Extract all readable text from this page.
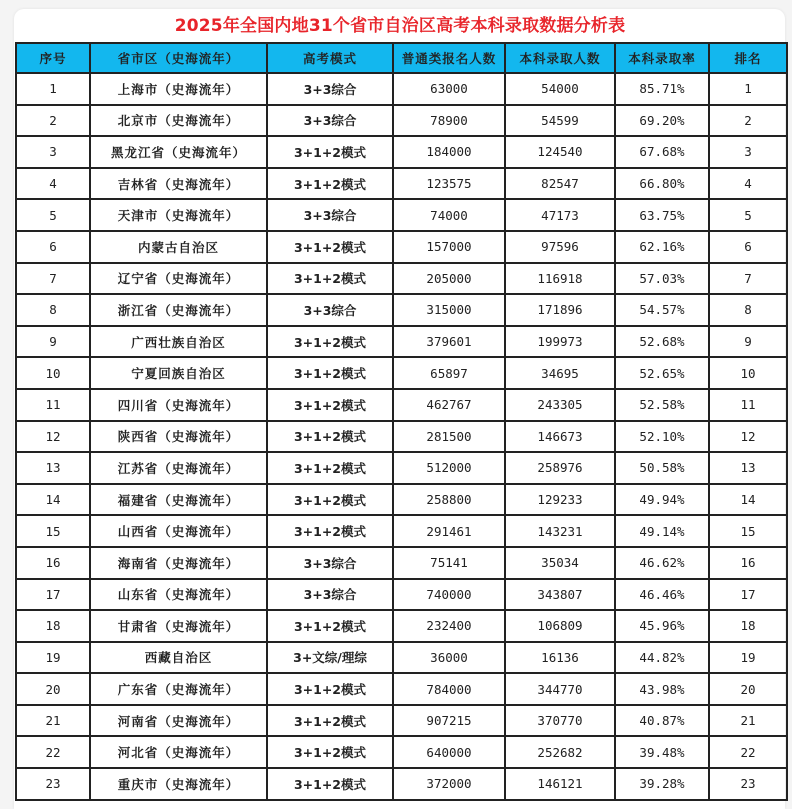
2025年全国内地31个省市自治区高考本科录取数据分析表
序号	省市区（史海流年）	高考模式	普通类报名人数	本科录取人数	本科录取率	排名
1	上海市（史海流年）	3+3综合	63000	54000	85.71%	1
2	北京市（史海流年）	3+3综合	78900	54599	69.20%	2
3	黑龙江省（史海流年）	3+1+2模式	184000	124540	67.68%	3
4	吉林省（史海流年）	3+1+2模式	123575	82547	66.80%	4
5	天津市（史海流年）	3+3综合	74000	47173	63.75%	5
6	内蒙古自治区	3+1+2模式	157000	97596	62.16%	6
7	辽宁省（史海流年）	3+1+2模式	205000	116918	57.03%	7
8	浙江省（史海流年）	3+3综合	315000	171896	54.57%	8
9	广西壮族自治区	3+1+2模式	379601	199973	52.68%	9
10	宁夏回族自治区	3+1+2模式	65897	34695	52.65%	10
11	四川省（史海流年）	3+1+2模式	462767	243305	52.58%	11
12	陕西省（史海流年）	3+1+2模式	281500	146673	52.10%	12
13	江苏省（史海流年）	3+1+2模式	512000	258976	50.58%	13
14	福建省（史海流年）	3+1+2模式	258800	129233	49.94%	14
15	山西省（史海流年）	3+1+2模式	291461	143231	49.14%	15
16	海南省（史海流年）	3+3综合	75141	35034	46.62%	16
17	山东省（史海流年）	3+3综合	740000	343807	46.46%	17
18	甘肃省（史海流年）	3+1+2模式	232400	106809	45.96%	18
19	西藏自治区	3+文综/理综	36000	16136	44.82%	19
20	广东省（史海流年）	3+1+2模式	784000	344770	43.98%	20
21	河南省（史海流年）	3+1+2模式	907215	370770	40.87%	21
22	河北省（史海流年）	3+1+2模式	640000	252682	39.48%	22
23	重庆市（史海流年）	3+1+2模式	372000	146121	39.28%	23
